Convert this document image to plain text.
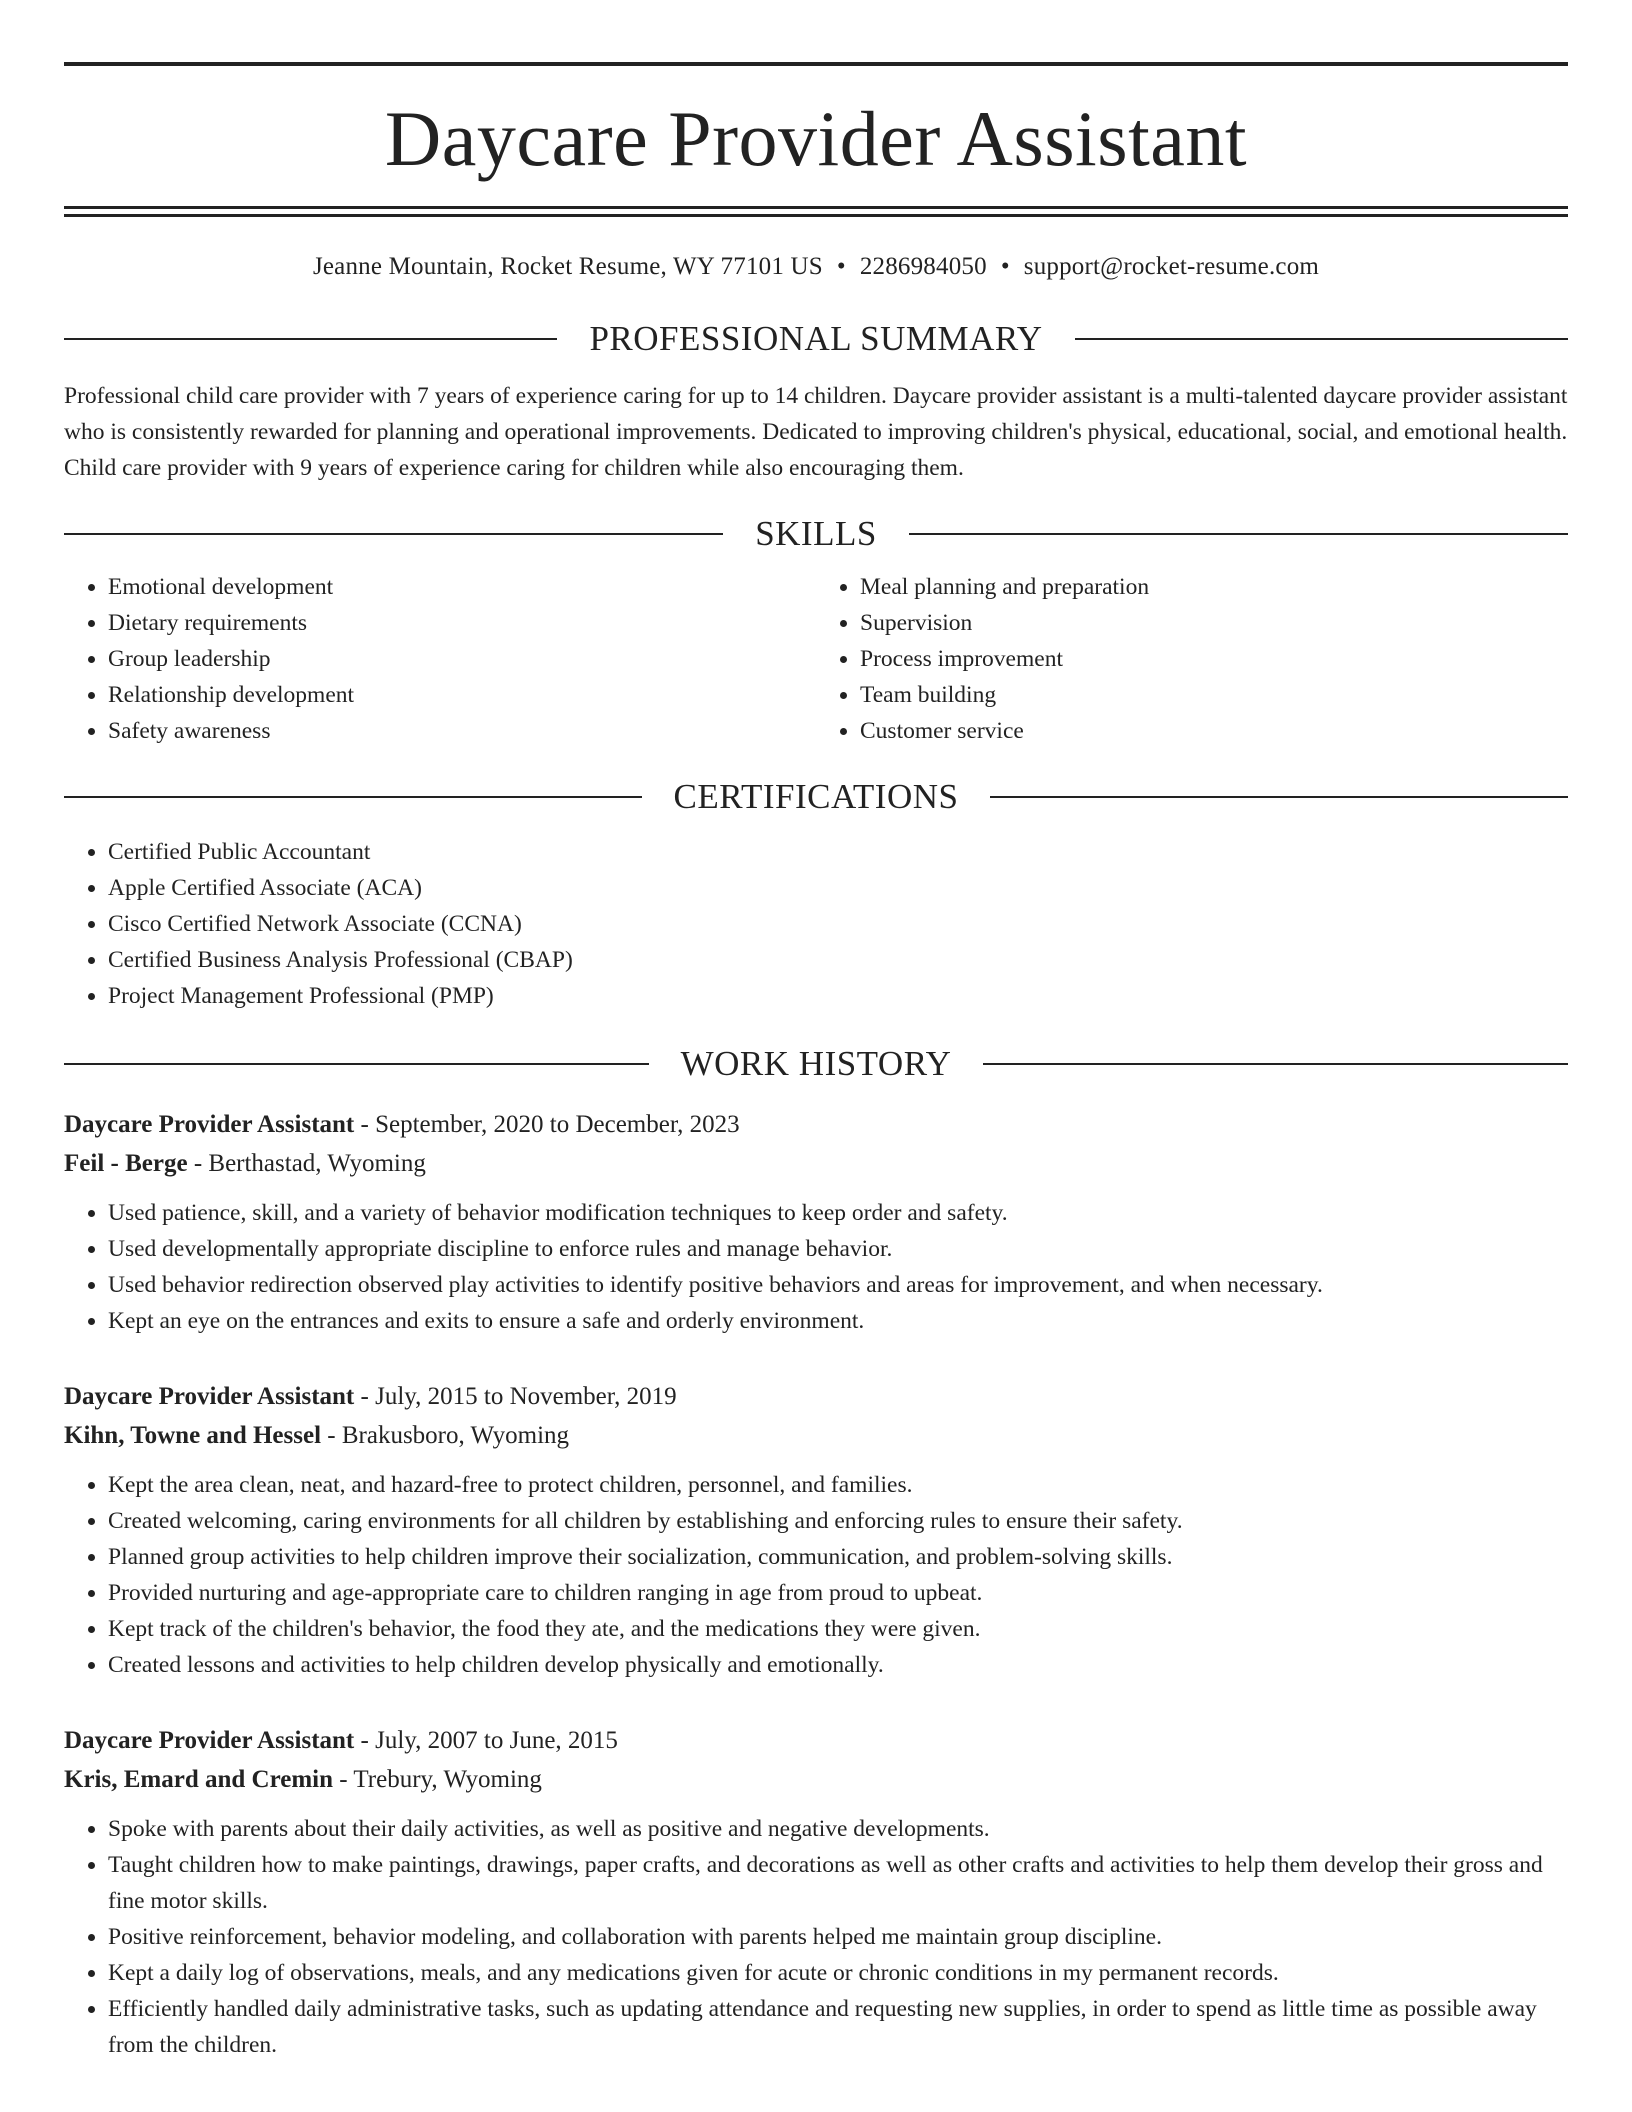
Daycare Provider Assistant
Jeanne Mountain, Rocket Resume, WY 77101 US • 2286984050 • support@rocket-resume.com
PROFESSIONAL SUMMARY
Professional child care provider with 7 years of experience caring for up to 14 children. Daycare provider assistant is a multi-talented daycare provider assistant who is consistently rewarded for planning and operational improvements. Dedicated to improving children's physical, educational, social, and emotional health. Child care provider with 9 years of experience caring for children while also encouraging them.
SKILLS
• Emotional development
• Dietary requirements
• Group leadership
• Relationship development
• Safety awareness
• Meal planning and preparation
• Supervision
• Process improvement
• Team building
• Customer service
CERTIFICATIONS
• Certified Public Accountant
• Apple Certified Associate (ACA)
• Cisco Certified Network Associate (CCNA)
• Certified Business Analysis Professional (CBAP)
• Project Management Professional (PMP)
WORK HISTORY
Daycare Provider Assistant - September, 2020 to December, 2023
Feil - Berge - Berthastad, Wyoming
• Used patience, skill, and a variety of behavior modification techniques to keep order and safety.
• Used developmentally appropriate discipline to enforce rules and manage behavior.
• Used behavior redirection observed play activities to identify positive behaviors and areas for improvement, and when necessary.
• Kept an eye on the entrances and exits to ensure a safe and orderly environment.
Daycare Provider Assistant - July, 2015 to November, 2019
Kihn, Towne and Hessel - Brakusboro, Wyoming
• Kept the area clean, neat, and hazard-free to protect children, personnel, and families.
• Created welcoming, caring environments for all children by establishing and enforcing rules to ensure their safety.
• Planned group activities to help children improve their socialization, communication, and problem-solving skills.
• Provided nurturing and age-appropriate care to children ranging in age from proud to upbeat.
• Kept track of the children's behavior, the food they ate, and the medications they were given.
• Created lessons and activities to help children develop physically and emotionally.
Daycare Provider Assistant - July, 2007 to June, 2015
Kris, Emard and Cremin - Trebury, Wyoming
• Spoke with parents about their daily activities, as well as positive and negative developments.
• Taught children how to make paintings, drawings, paper crafts, and decorations as well as other crafts and activities to help them develop their gross and fine motor skills.
• Positive reinforcement, behavior modeling, and collaboration with parents helped me maintain group discipline.
• Kept a daily log of observations, meals, and any medications given for acute or chronic conditions in my permanent records.
• Efficiently handled daily administrative tasks, such as updating attendance and requesting new supplies, in order to spend as little time as possible away from the children.
